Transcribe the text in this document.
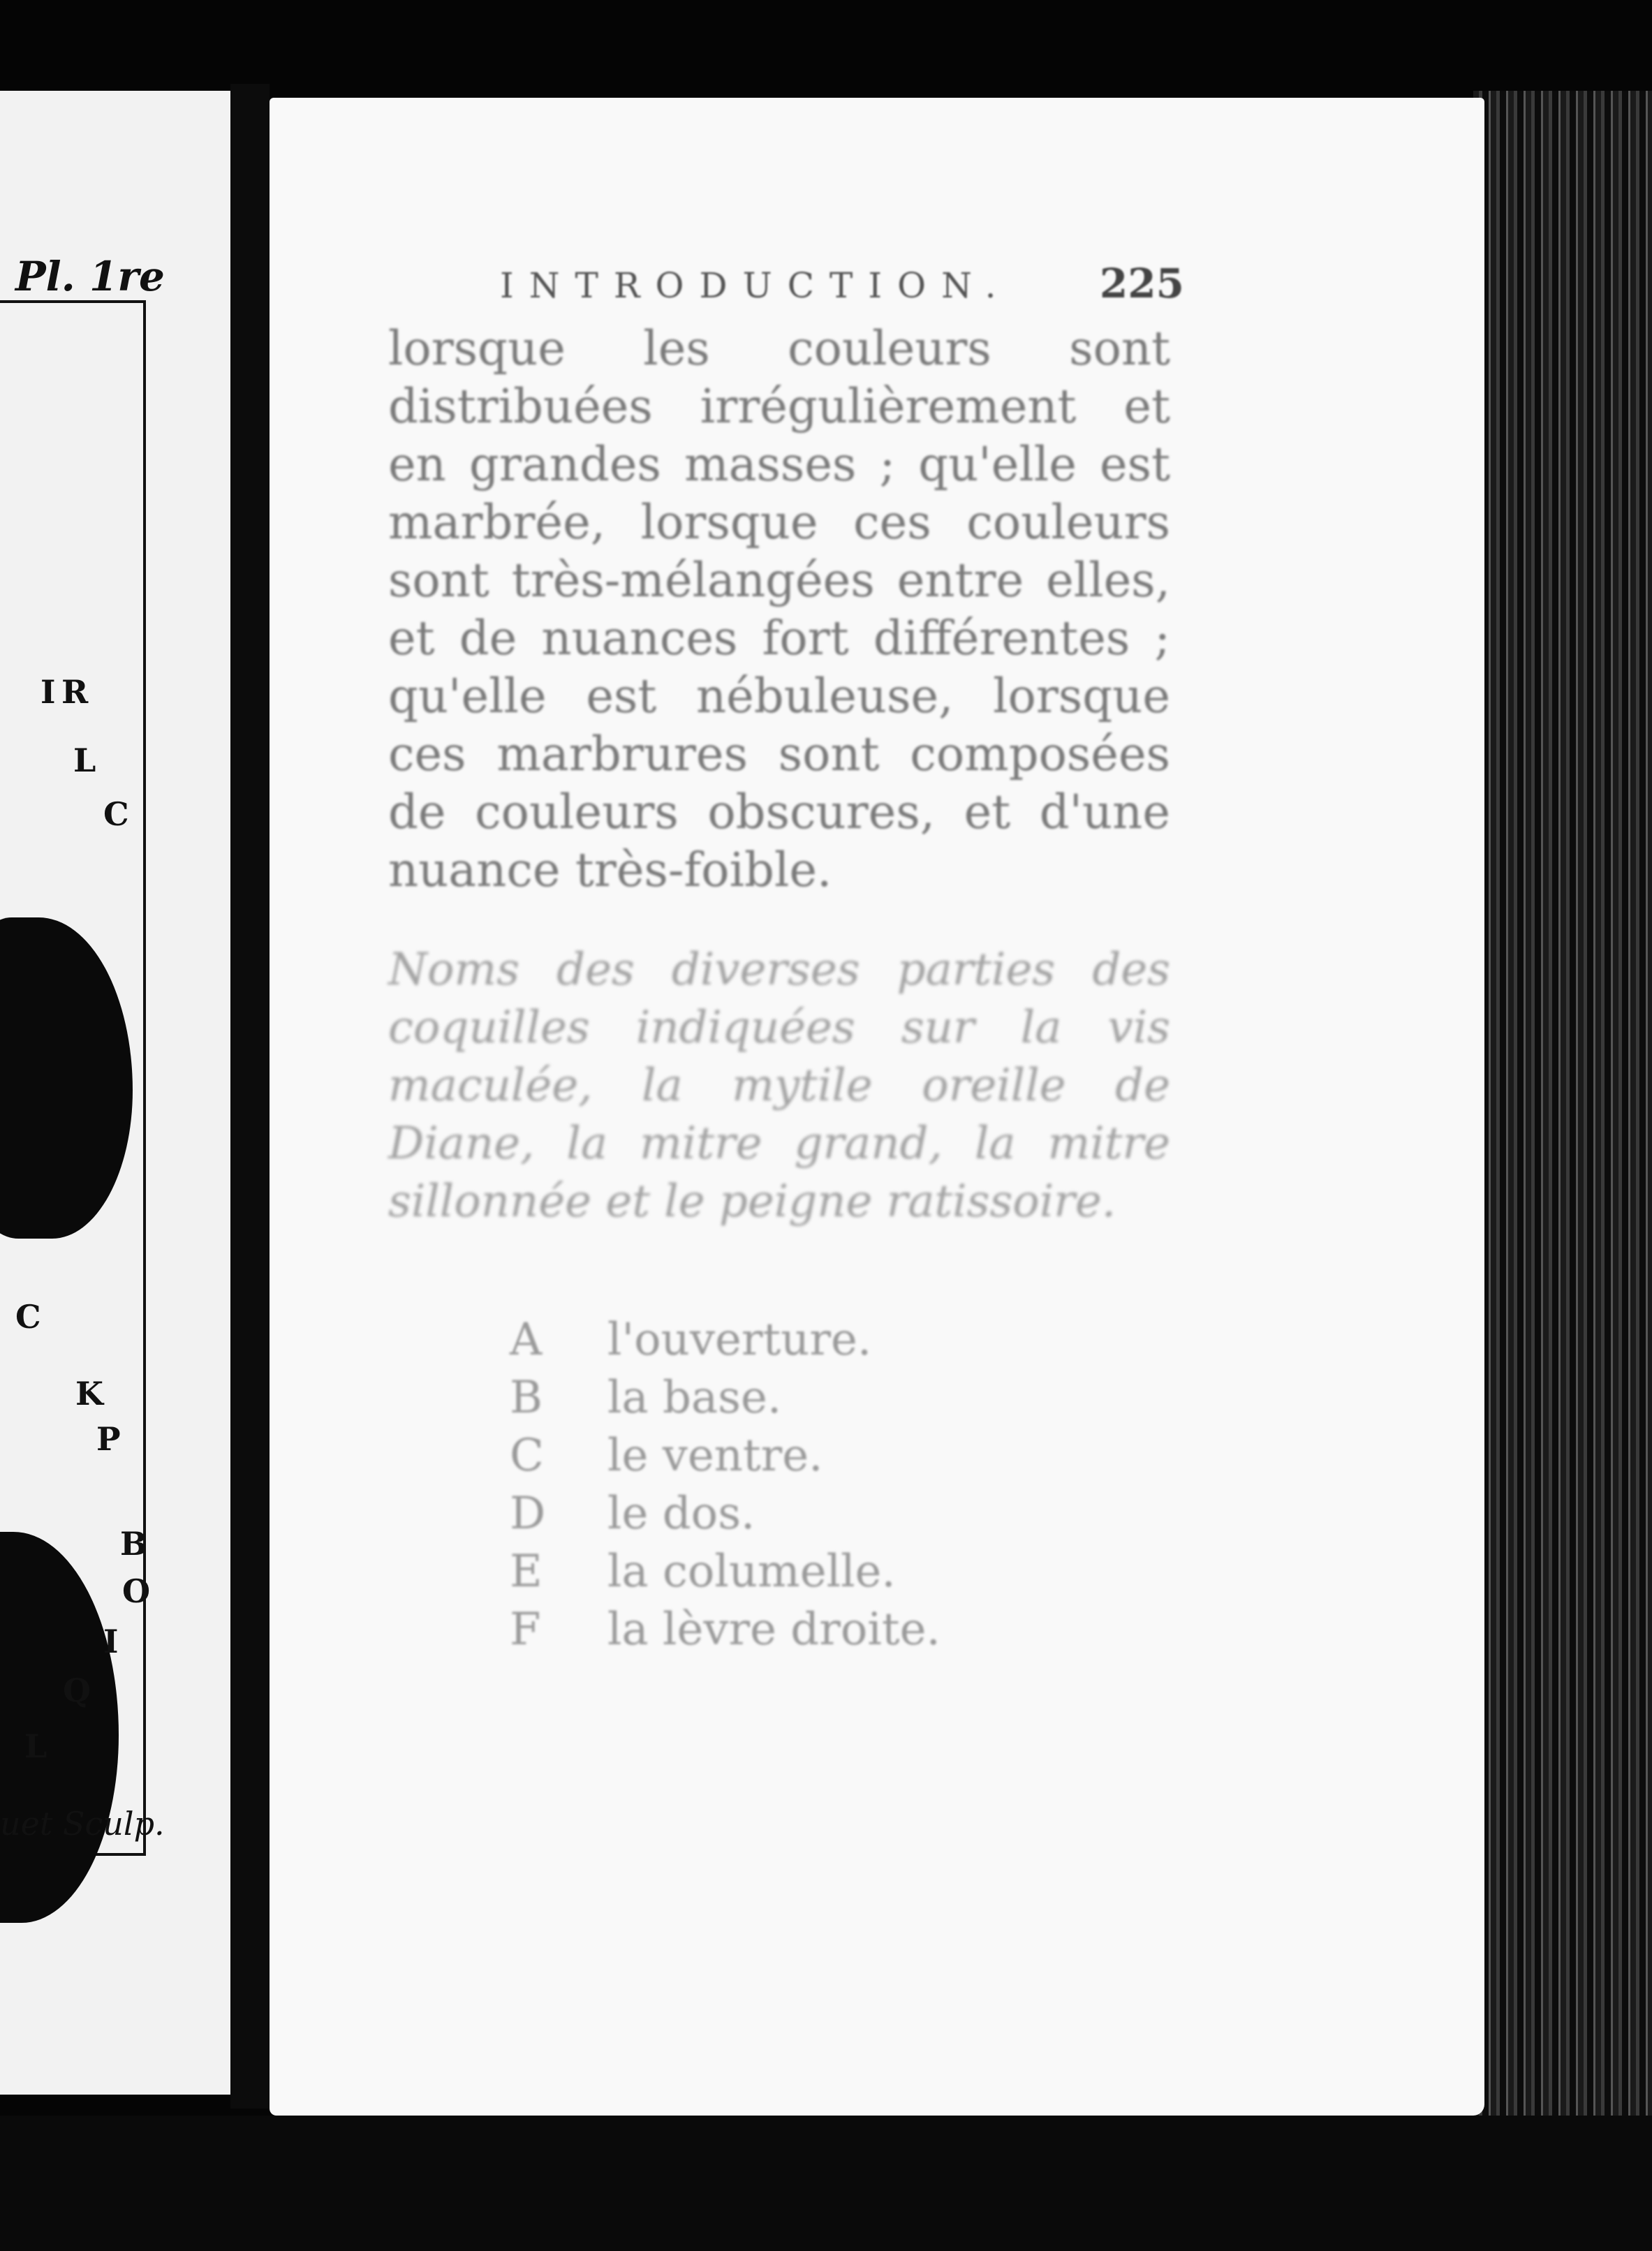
Pl. 1re
I R
L
C
C
K
P
B
O
I
Q
L
uet Sculp.
INTRODUCTION. 225

lorsque les couleurs sont distribuées irrégulièrement et en grandes masses ; qu'elle est marbrée, lorsque ces couleurs sont très-mélangées entre elles, et de nuances fort différentes ; qu'elle est nébuleuse, lorsque ces marbrures sont composées de couleurs obscures, et d'une nuance très-foible.

Noms des diverses parties des coquilles indiquées sur la vis maculée, la mytile oreille de Diane, la mitre grand, la mitre sillonnée et le peigne ratissoire.

A	l'ouverture.
B	la base.
C	le ventre.
D	le dos.
E	la columelle.
F	la lèvre droite.
